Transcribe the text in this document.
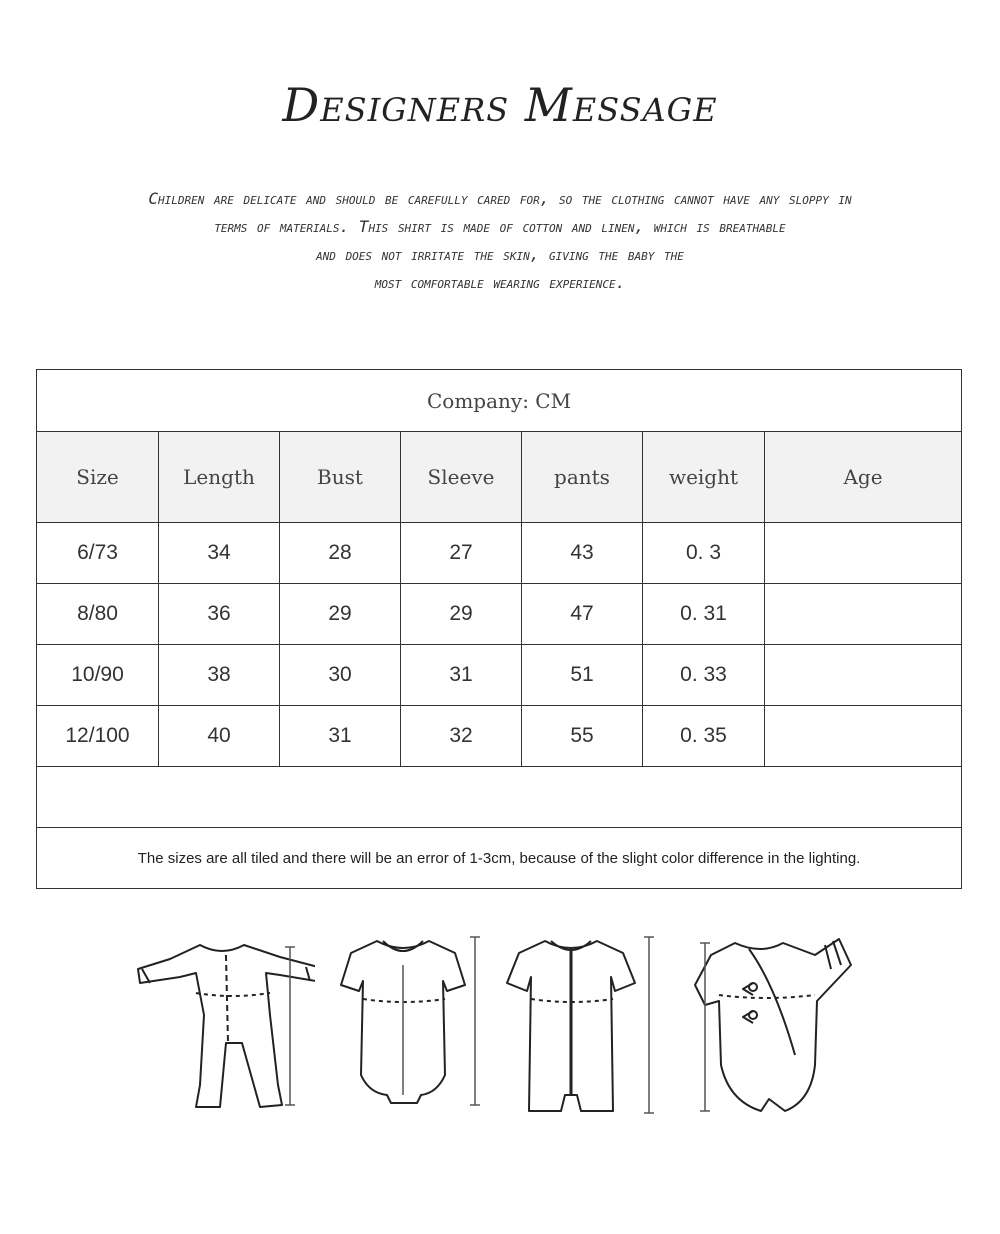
Designers Message
Children are delicate and should be carefully cared for, so the clothing cannot have any sloppy in
terms of materials. This shirt is made of cotton and linen, which is breathable
and does not irritate the skin, giving the baby the
most comfortable wearing experience.
Company: CM						
Size	Length	Bust	Sleeve	pants	weight	Age
6/73	34	28	27	43	0. 3	
8/80	36	29	29	47	0. 31	
10/90	38	30	31	51	0. 33	
12/100	40	31	32	55	0. 35	

The sizes are all tiled and there will be an error of 1-3cm, because of the slight color difference in the lighting.						
